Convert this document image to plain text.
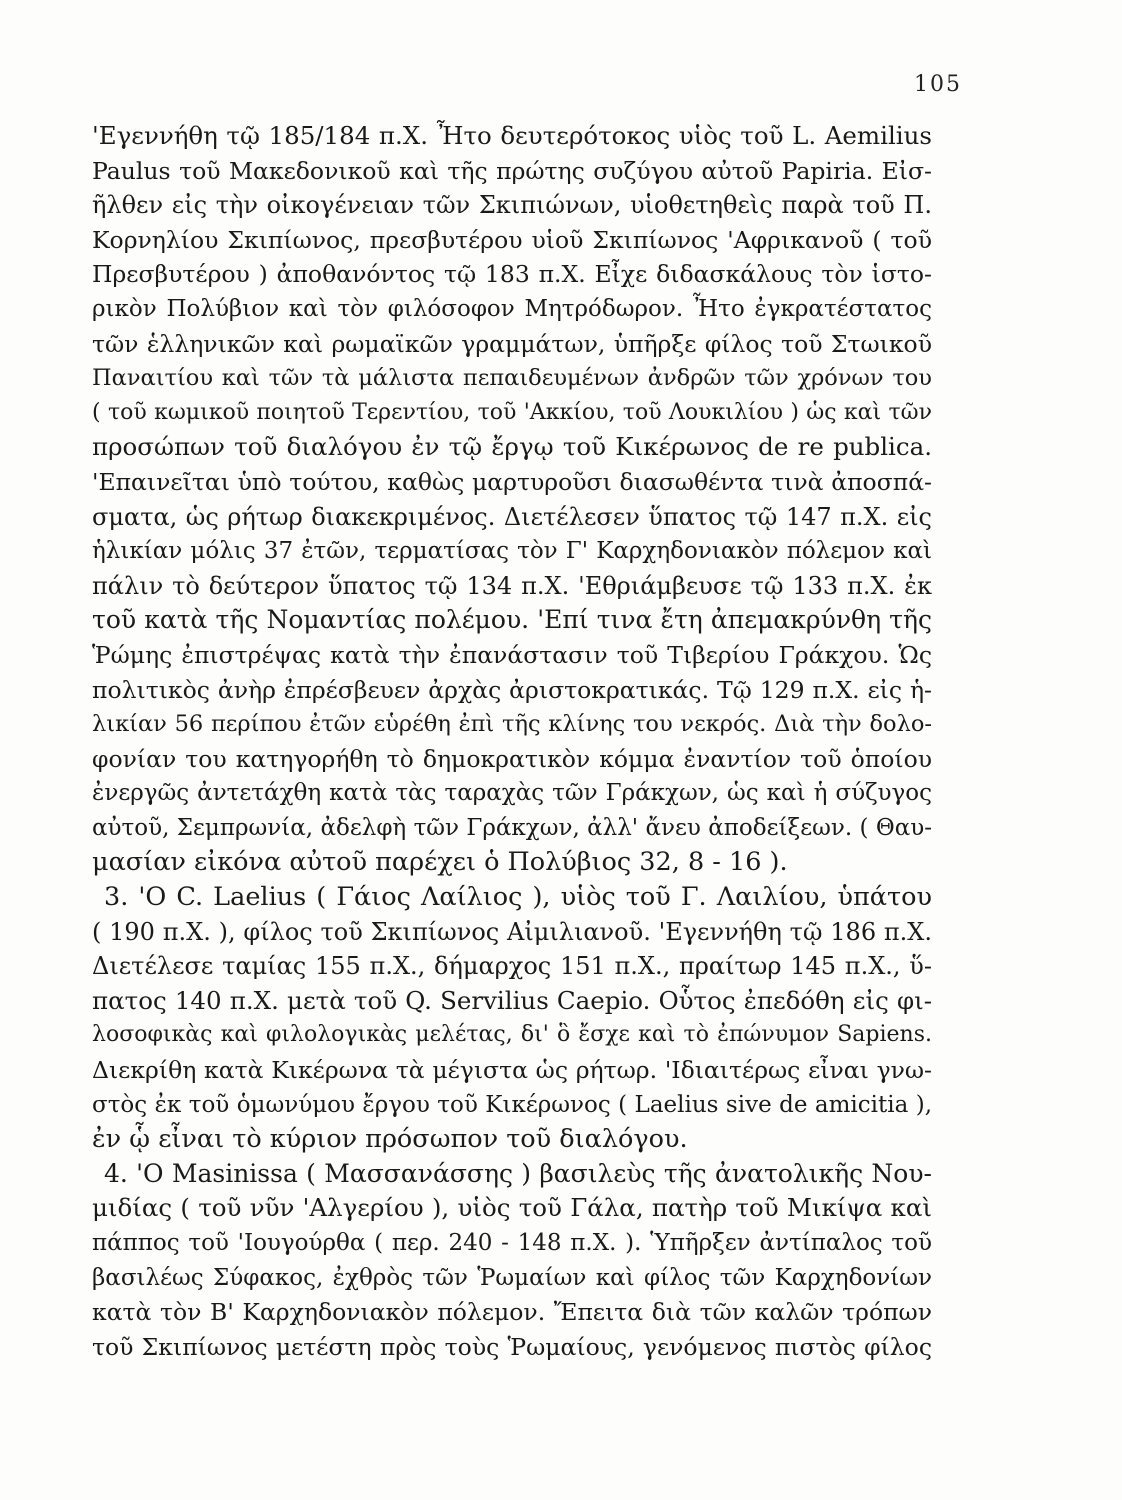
105
'Εγεννήθη τῷ 185/184 π.Χ. Ἦτο δευτερότοκος υἱὸς τοῦ L. Aemilius
Paulus τοῦ Μακεδονικοῦ καὶ τῆς πρώτης συζύγου αὐτοῦ Papiria. Εἰσ-
ῆλθεν εἰς τὴν οἰκογένειαν τῶν Σκιπιώνων, υἱοθετηθεὶς παρὰ τοῦ Π.
Κορνηλίου Σκιπίωνος, πρεσβυτέρου υἱοῦ Σκιπίωνος 'Αφρικανοῦ ( τοῦ
Πρεσβυτέρου ) ἀποθανόντος τῷ 183 π.Χ. Εἶχε διδασκάλους τὸν ἱστο-
ρικὸν Πολύβιον καὶ τὸν φιλόσοφον Μητρόδωρον. Ἦτο ἐγκρατέστατος
τῶν ἑλληνικῶν καὶ ρωμαϊκῶν γραμμάτων, ὑπῆρξε φίλος τοῦ Στωικοῦ
Παναιτίου καὶ τῶν τὰ μάλιστα πεπαιδευμένων ἀνδρῶν τῶν χρόνων του
( τοῦ κωμικοῦ ποιητοῦ Τερεντίου, τοῦ 'Ακκίου, τοῦ Λουκιλίου ) ὡς καὶ τῶν
προσώπων τοῦ διαλόγου ἐν τῷ ἔργῳ τοῦ Κικέρωνος de re publica.
'Επαινεῖται ὑπὸ τούτου, καθὼς μαρτυροῦσι διασωθέντα τινὰ ἀποσπά-
σματα, ὡς ρήτωρ διακεκριμένος. Διετέλεσεν ὕπατος τῷ 147 π.Χ. εἰς
ἡλικίαν μόλις 37 ἐτῶν, τερματίσας τὸν Γ' Καρχηδονιακὸν πόλεμον καὶ
πάλιν τὸ δεύτερον ὕπατος τῷ 134 π.Χ. 'Εθριάμβευσε τῷ 133 π.Χ. ἐκ
τοῦ κατὰ τῆς Νομαντίας πολέμου. 'Επί τινα ἔτη ἀπεμακρύνθη τῆς
Ῥώμης ἐπιστρέψας κατὰ τὴν ἐπανάστασιν τοῦ Τιβερίου Γράκχου. Ὡς
πολιτικὸς ἀνὴρ ἐπρέσβευεν ἀρχὰς ἀριστοκρατικάς. Τῷ 129 π.Χ. εἰς ἡ-
λικίαν 56 περίπου ἐτῶν εὑρέθη ἐπὶ τῆς κλίνης του νεκρός. Διὰ τὴν δολο-
φονίαν του κατηγορήθη τὸ δημοκρατικὸν κόμμα ἐναντίον τοῦ ὁποίου
ἐνεργῶς ἀντετάχθη κατὰ τὰς ταραχὰς τῶν Γράκχων, ὡς καὶ ἡ σύζυγος
αὐτοῦ, Σεμπρωνία, ἀδελφὴ τῶν Γράκχων, ἀλλ' ἄνευ ἀποδείξεων. ( Θαυ-
μασίαν εἰκόνα αὐτοῦ παρέχει ὁ Πολύβιος 32, 8 - 16 ).
3. 'Ο C. Laelius ( Γάιος Λαίλιος ), υἱὸς τοῦ Γ. Λαιλίου, ὑπάτου
( 190 π.Χ. ), φίλος τοῦ Σκιπίωνος Αἰμιλιανοῦ. 'Εγεννήθη τῷ 186 π.Χ.
Διετέλεσε ταμίας 155 π.Χ., δήμαρχος 151 π.Χ., πραίτωρ 145 π.Χ., ὕ-
πατος 140 π.Χ. μετὰ τοῦ Q. Servilius Caepio. Οὗτος ἐπεδόθη εἰς φι-
λοσοφικὰς καὶ φιλολογικὰς μελέτας, δι' ὃ ἔσχε καὶ τὸ ἐπώνυμον Sapiens.
Διεκρίθη κατὰ Κικέρωνα τὰ μέγιστα ὡς ρήτωρ. 'Ιδιαιτέρως εἶναι γνω-
στὸς ἐκ τοῦ ὁμωνύμου ἔργου τοῦ Κικέρωνος ( Laelius sive de amicitia ),
ἐν ᾧ εἶναι τὸ κύριον πρόσωπον τοῦ διαλόγου.
4. 'Ο Masinissa ( Μασσανάσσης ) βασιλεὺς τῆς ἀνατολικῆς Νου-
μιδίας ( τοῦ νῦν 'Αλγερίου ), υἱὸς τοῦ Γάλα, πατὴρ τοῦ Μικίψα καὶ
πάππος τοῦ 'Ιουγούρθα ( περ. 240 - 148 π.Χ. ). Ὑπῆρξεν ἀντίπαλος τοῦ
βασιλέως Σύφακος, ἐχθρὸς τῶν Ῥωμαίων καὶ φίλος τῶν Καρχηδονίων
κατὰ τὸν Β' Καρχηδονιακὸν πόλεμον. Ἔπειτα διὰ τῶν καλῶν τρόπων
τοῦ Σκιπίωνος μετέστη πρὸς τοὺς Ῥωμαίους, γενόμενος πιστὸς φίλος
